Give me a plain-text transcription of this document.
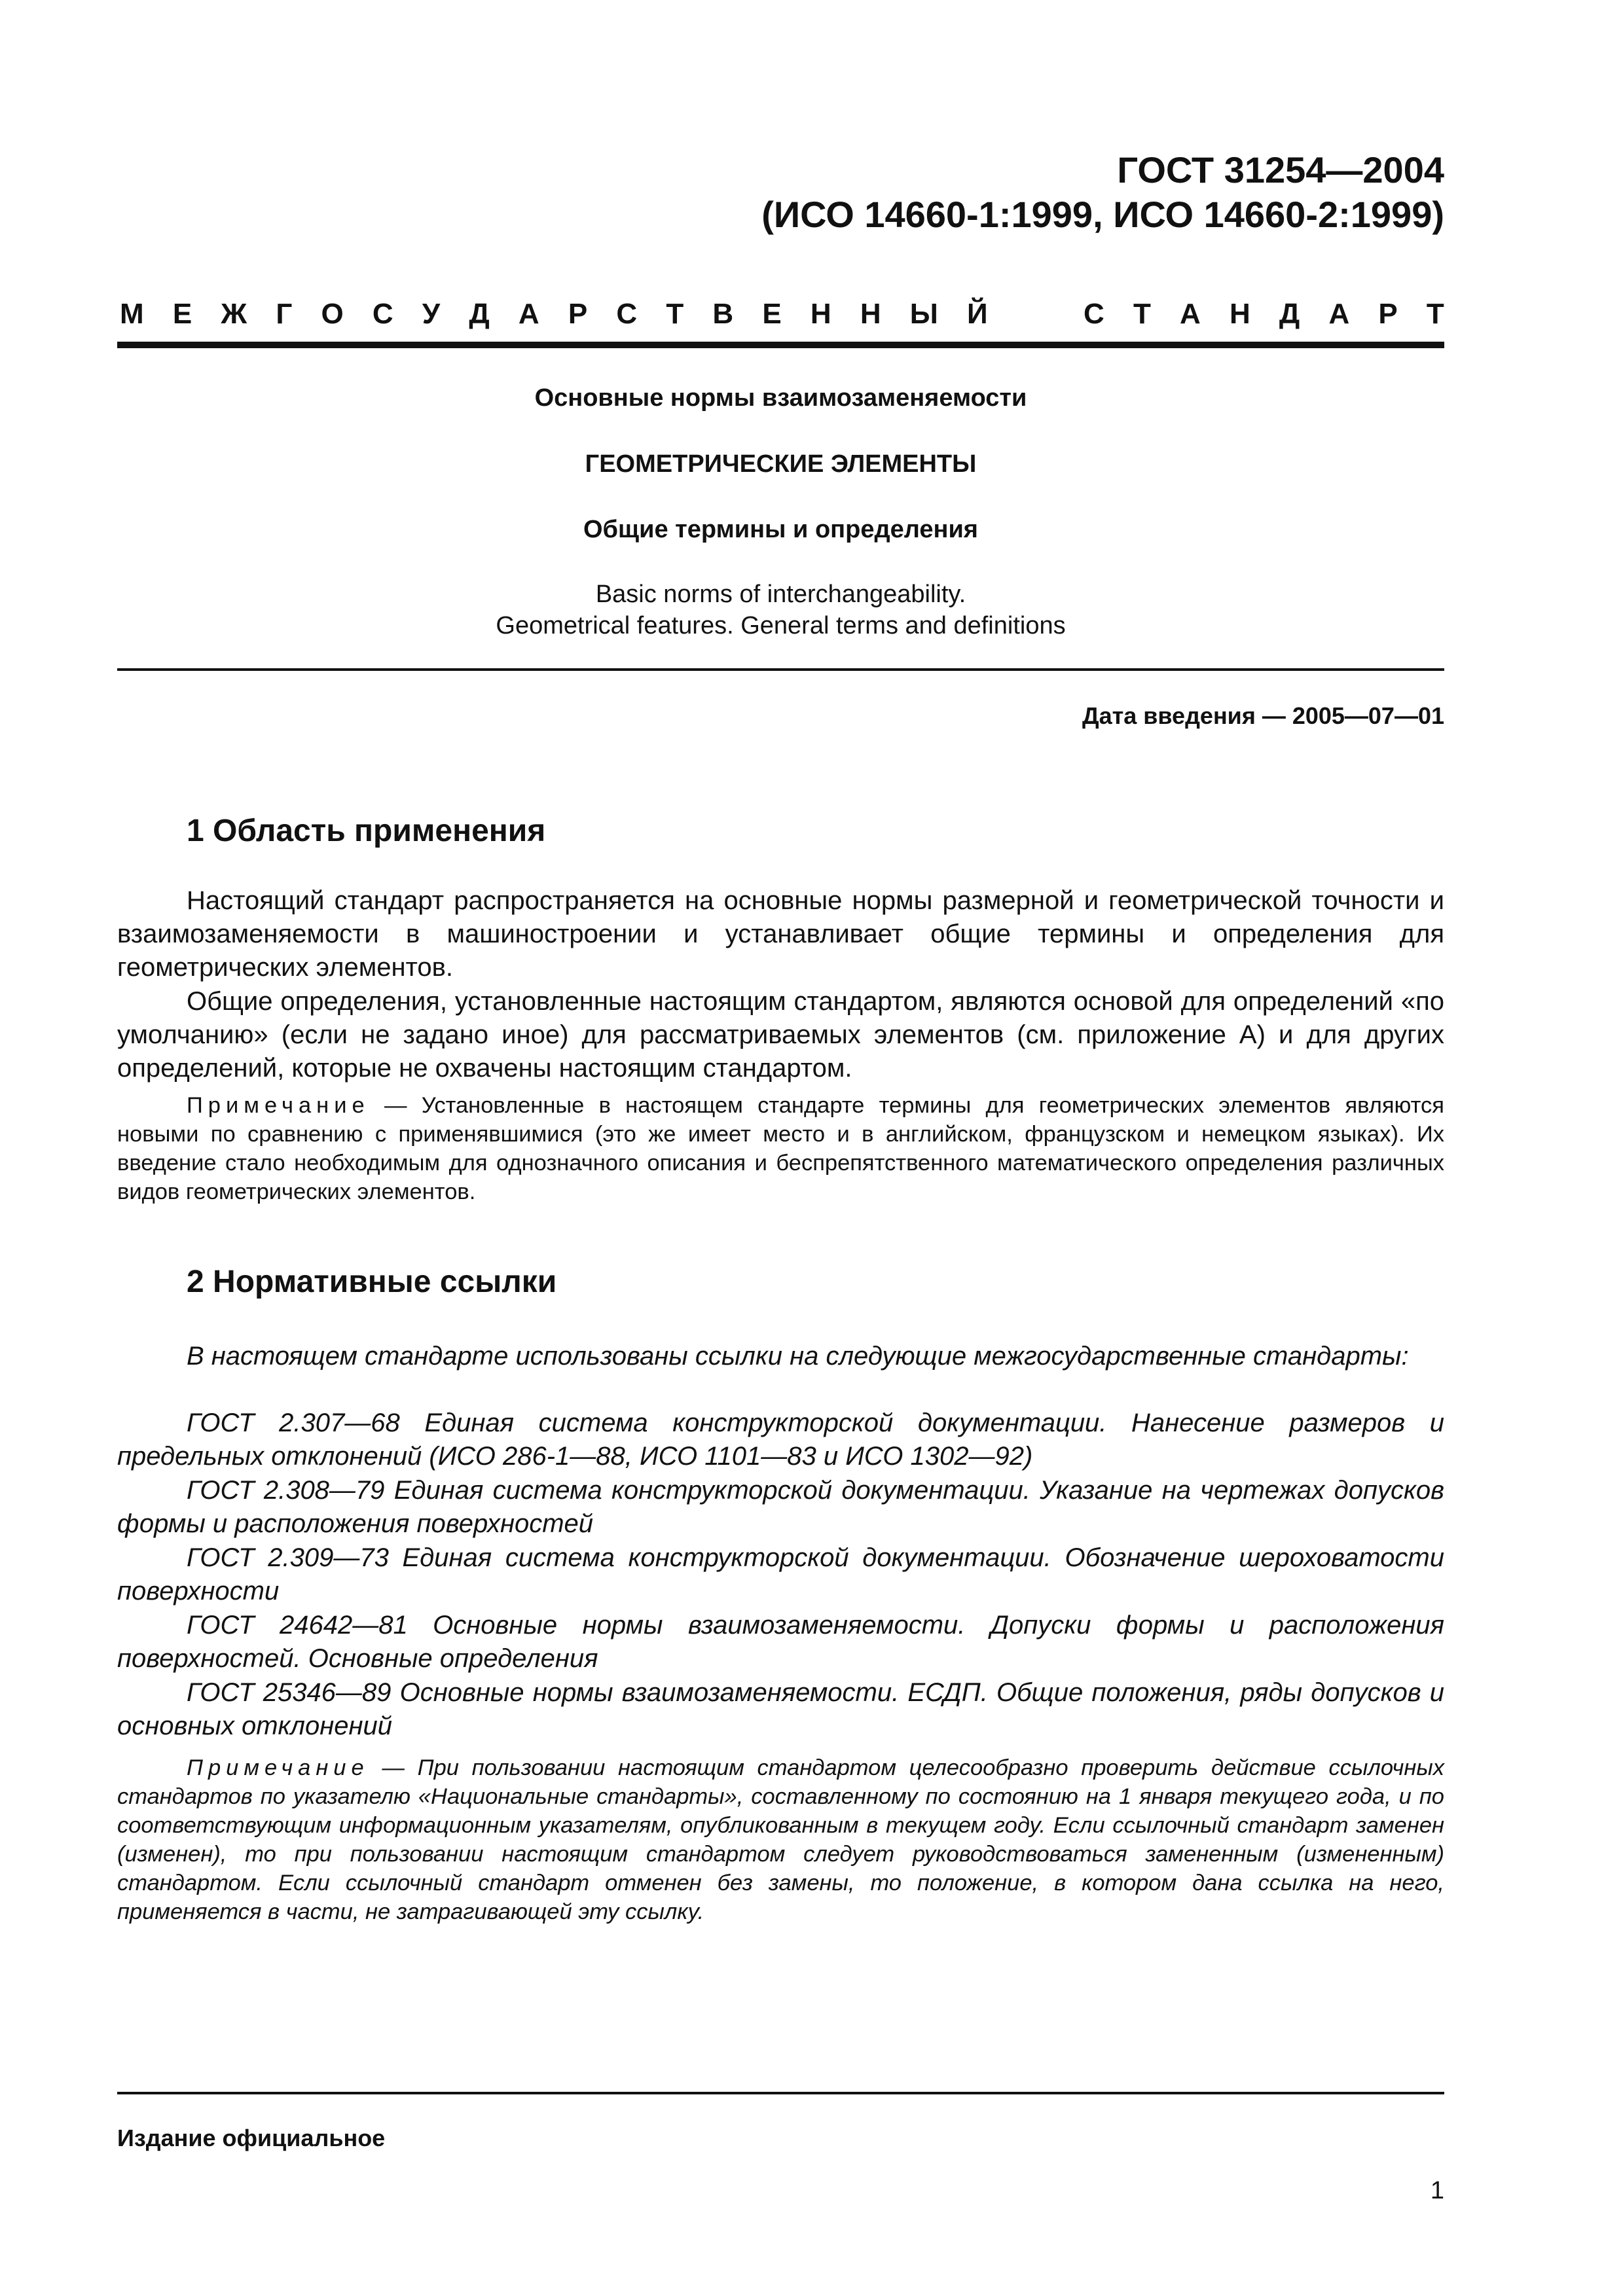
ГОСТ 31254—2004
(ИСО 14660-1:1999, ИСО 14660-2:1999)
М Е Ж Г О С У Д А Р С Т В Е Н Н Ы Й	С Т А Н Д А Р Т
Основные нормы взаимозаменяемости
ГЕОМЕТРИЧЕСКИЕ ЭЛЕМЕНТЫ
Общие термины и определения
Basic norms of interchangeability.
Geometrical features. General terms and definitions
Дата введения — 2005—07—01
1 Область применения
Настоящий стандарт распространяется на основные нормы размерной и геометрической точности и взаимозаменяемости в машиностроении и устанавливает общие термины и определения для геометрических элементов.
Общие определения, установленные настоящим стандартом, являются основой для определений «по умолчанию» (если не задано иное) для рассматриваемых элементов (см. приложение А) и для других определений, которые не охвачены настоящим стандартом.
Примечание — Установленные в настоящем стандарте термины для геометрических элементов являются новыми по сравнению с применявшимися (это же имеет место и в английском, французском и немецком языках). Их введение стало необходимым для однозначного описания и беспрепятственного математического определения различных видов геометрических элементов.
2 Нормативные ссылки
В настоящем стандарте использованы ссылки на следующие межгосударственные стандарты:
ГОСТ 2.307—68 Единая система конструкторской документации. Нанесение размеров и предельных отклонений (ИСО 286-1—88, ИСО 1101—83 и ИСО 1302—92)
ГОСТ 2.308—79 Единая система конструкторской документации. Указание на чертежах допусков формы и расположения поверхностей
ГОСТ 2.309—73 Единая система конструкторской документации. Обозначение шероховатости поверхности
ГОСТ 24642—81 Основные нормы взаимозаменяемости. Допуски формы и расположения поверхностей. Основные определения
ГОСТ 25346—89 Основные нормы взаимозаменяемости. ЕСДП. Общие положения, ряды допусков и основных отклонений
Примечание — При пользовании настоящим стандартом целесообразно проверить действие ссылочных стандартов по указателю «Национальные стандарты», составленному по состоянию на 1 января текущего года, и по соответствующим информационным указателям, опубликованным в текущем году. Если ссылочный стандарт заменен (изменен), то при пользовании настоящим стандартом следует руководствоваться замененным (измененным) стандартом. Если ссылочный стандарт отменен без замены, то положение, в котором дана ссылка на него, применяется в части, не затрагивающей эту ссылку.
Издание официальное
1
